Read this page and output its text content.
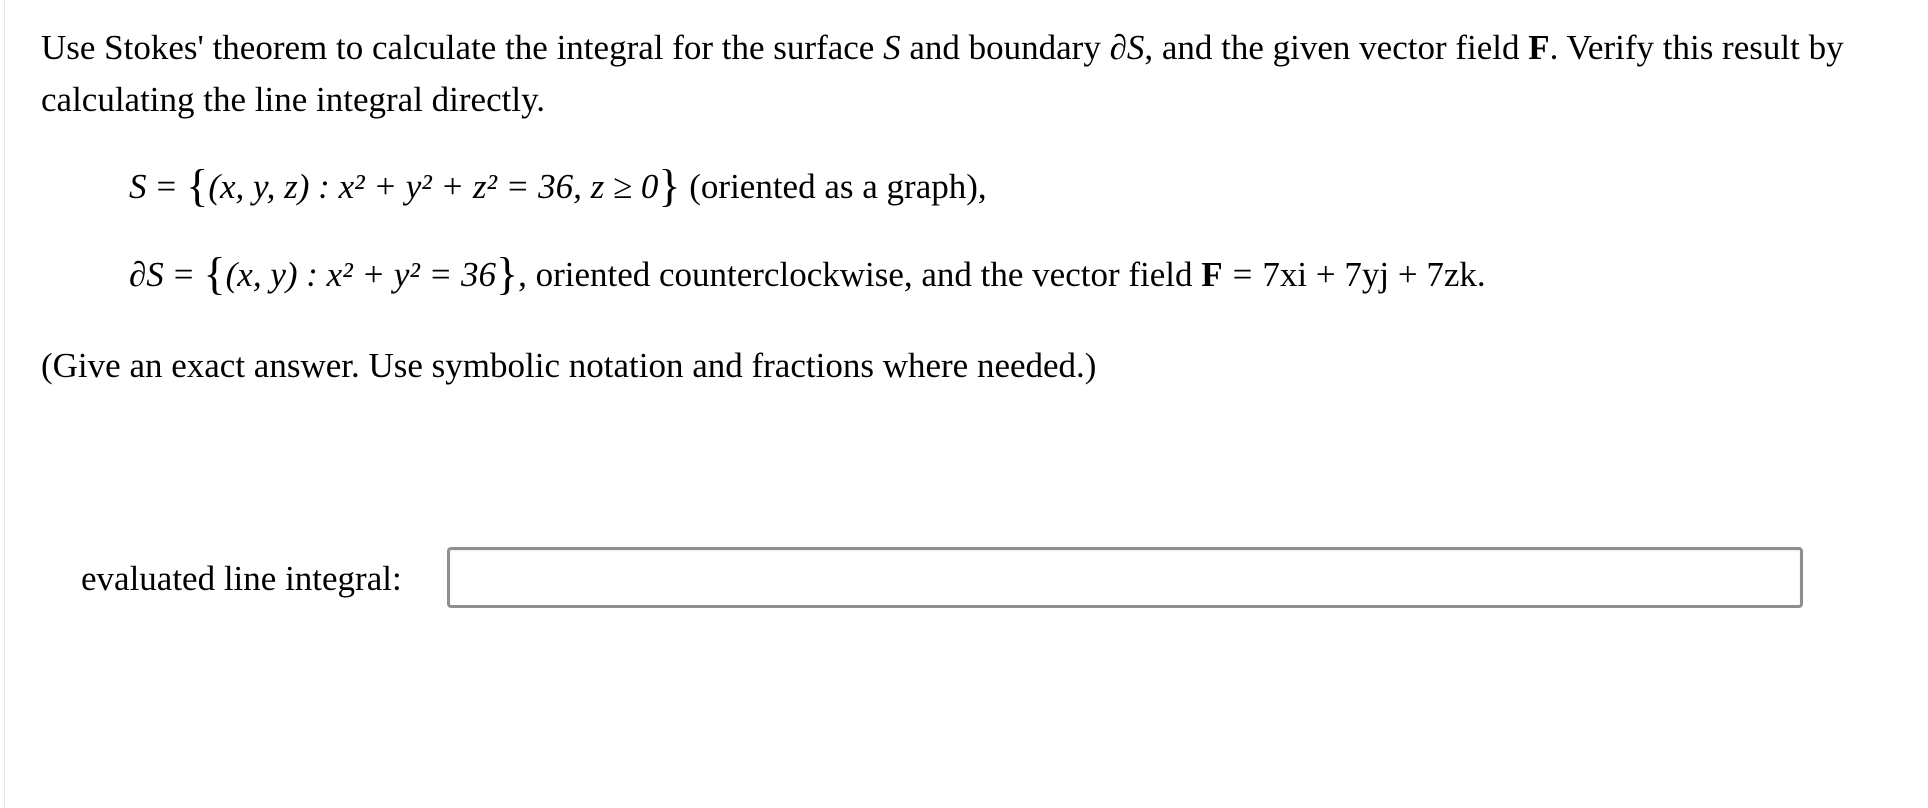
Use Stokes' theorem to calculate the integral for the surface S and boundary ∂S, and the given vector field F. Verify this result by calculating the line integral directly.
S = {(x, y, z) : x² + y² + z² = 36, z ≥ 0} (oriented as a graph),
∂S = {(x, y) : x² + y² = 36}, oriented counterclockwise, and the vector field F = 7xi + 7yj + 7zk.
(Give an exact answer. Use symbolic notation and fractions where needed.)
evaluated line integral:
